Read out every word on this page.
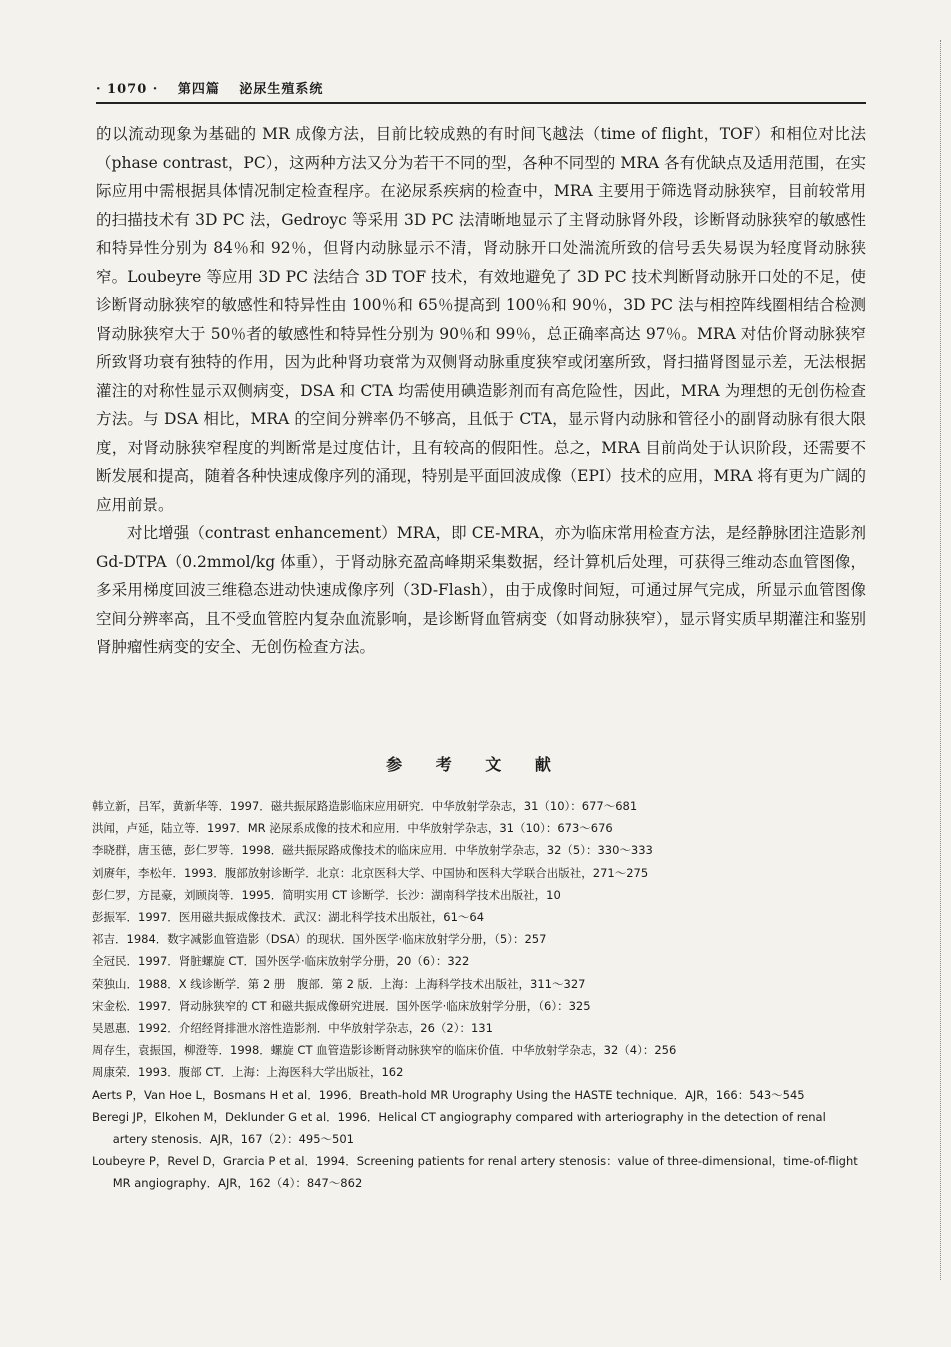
· 1070 · 第四篇 泌尿生殖系统

的以流动现象为基础的 MR 成像方法，目前比较成熟的有时间飞越法（time of flight，TOF）和相位对比法（phase contrast，PC），这两种方法又分为若干不同的型，各种不同型的 MRA 各有优缺点及适用范围，在实际应用中需根据具体情况制定检查程序。在泌尿系疾病的检查中，MRA 主要用于筛选肾动脉狭窄，目前较常用的扫描技术有 3D PC 法，Gedroyc 等采用 3D PC 法清晰地显示了主肾动脉肾外段，诊断肾动脉狭窄的敏感性和特异性分别为 84％和 92％，但肾内动脉显示不清，肾动脉开口处湍流所致的信号丢失易误为轻度肾动脉狭窄。Loubeyre 等应用 3D PC 法结合 3D TOF 技术，有效地避免了 3D PC 技术判断肾动脉开口处的不足，使诊断肾动脉狭窄的敏感性和特异性由 100％和 65％提高到 100％和 90％，3D PC 法与相控阵线圈相结合检测肾动脉狭窄大于 50％者的敏感性和特异性分别为 90％和 99％，总正确率高达 97％。MRA 对估价肾动脉狭窄所致肾功衰有独特的作用，因为此种肾功衰常为双侧肾动脉重度狭窄或闭塞所致，肾扫描肾图显示差，无法根据灌注的对称性显示双侧病变，DSA 和 CTA 均需使用碘造影剂而有高危险性，因此，MRA 为理想的无创伤检查方法。与 DSA 相比，MRA 的空间分辨率仍不够高，且低于 CTA，显示肾内动脉和管径小的副肾动脉有很大限度，对肾动脉狭窄程度的判断常是过度估计，且有较高的假阳性。总之，MRA 目前尚处于认识阶段，还需要不断发展和提高，随着各种快速成像序列的涌现，特别是平面回波成像（EPI）技术的应用，MRA 将有更为广阔的应用前景。

对比增强（contrast enhancement）MRA，即 CE-MRA，亦为临床常用检查方法，是经静脉团注造影剂 Gd-DTPA（0.2mmol/kg 体重），于肾动脉充盈高峰期采集数据，经计算机后处理，可获得三维动态血管图像，多采用梯度回波三维稳态进动快速成像序列（3D-Flash），由于成像时间短，可通过屏气完成，所显示血管图像空间分辨率高，且不受血管腔内复杂血流影响，是诊断肾血管病变（如肾动脉狭窄），显示肾实质早期灌注和鉴别肾肿瘤性病变的安全、无创伤检查方法。

参 考 文 献

韩立新，吕军，黄新华等．1997．磁共振尿路造影临床应用研究．中华放射学杂志，31（10）：677～681

洪闻，卢延，陆立等．1997．MR 泌尿系成像的技术和应用．中华放射学杂志，31（10）：673～676

李晓群，唐玉德，彭仁罗等．1998．磁共振尿路成像技术的临床应用．中华放射学杂志，32（5）：330～333

刘赓年，李松年．1993．腹部放射诊断学．北京：北京医科大学、中国协和医科大学联合出版社，271～275

彭仁罗，方昆豪，刘顾岗等．1995．简明实用 CT 诊断学．长沙：湖南科学技术出版社，10

彭振军．1997．医用磁共振成像技术．武汉：湖北科学技术出版社，61～64

祁吉．1984．数字减影血管造影（DSA）的现状．国外医学·临床放射学分册，（5）：257

全冠民．1997．肾脏螺旋 CT．国外医学·临床放射学分册，20（6）：322

荣独山．1988．X 线诊断学．第 2 册　腹部．第 2 版．上海：上海科学技术出版社，311～327

宋金松．1997．肾动脉狭窄的 CT 和磁共振成像研究进展．国外医学·临床放射学分册，（6）：325

吴恩惠．1992．介绍经肾排泄水溶性造影剂．中华放射学杂志，26（2）：131

周存生，袁振国，柳澄等．1998．螺旋 CT 血管造影诊断肾动脉狭窄的临床价值．中华放射学杂志，32（4）：256

周康荣．1993．腹部 CT．上海：上海医科大学出版社，162

Aerts P，Van Hoe L，Bosmans H et al．1996．Breath-hold MR Urography Using the HASTE technique．AJR，166：543～545

Beregi JP，Elkohen M，Deklunder G et al．1996．Helical CT angiography compared with arteriography in the detection of renal artery stenosis．AJR，167（2）：495～501

Loubeyre P，Revel D，Grarcia P et al．1994．Screening patients for renal artery stenosis：value of three-dimensional，time-of-flight MR angiography．AJR，162（4）：847～862
